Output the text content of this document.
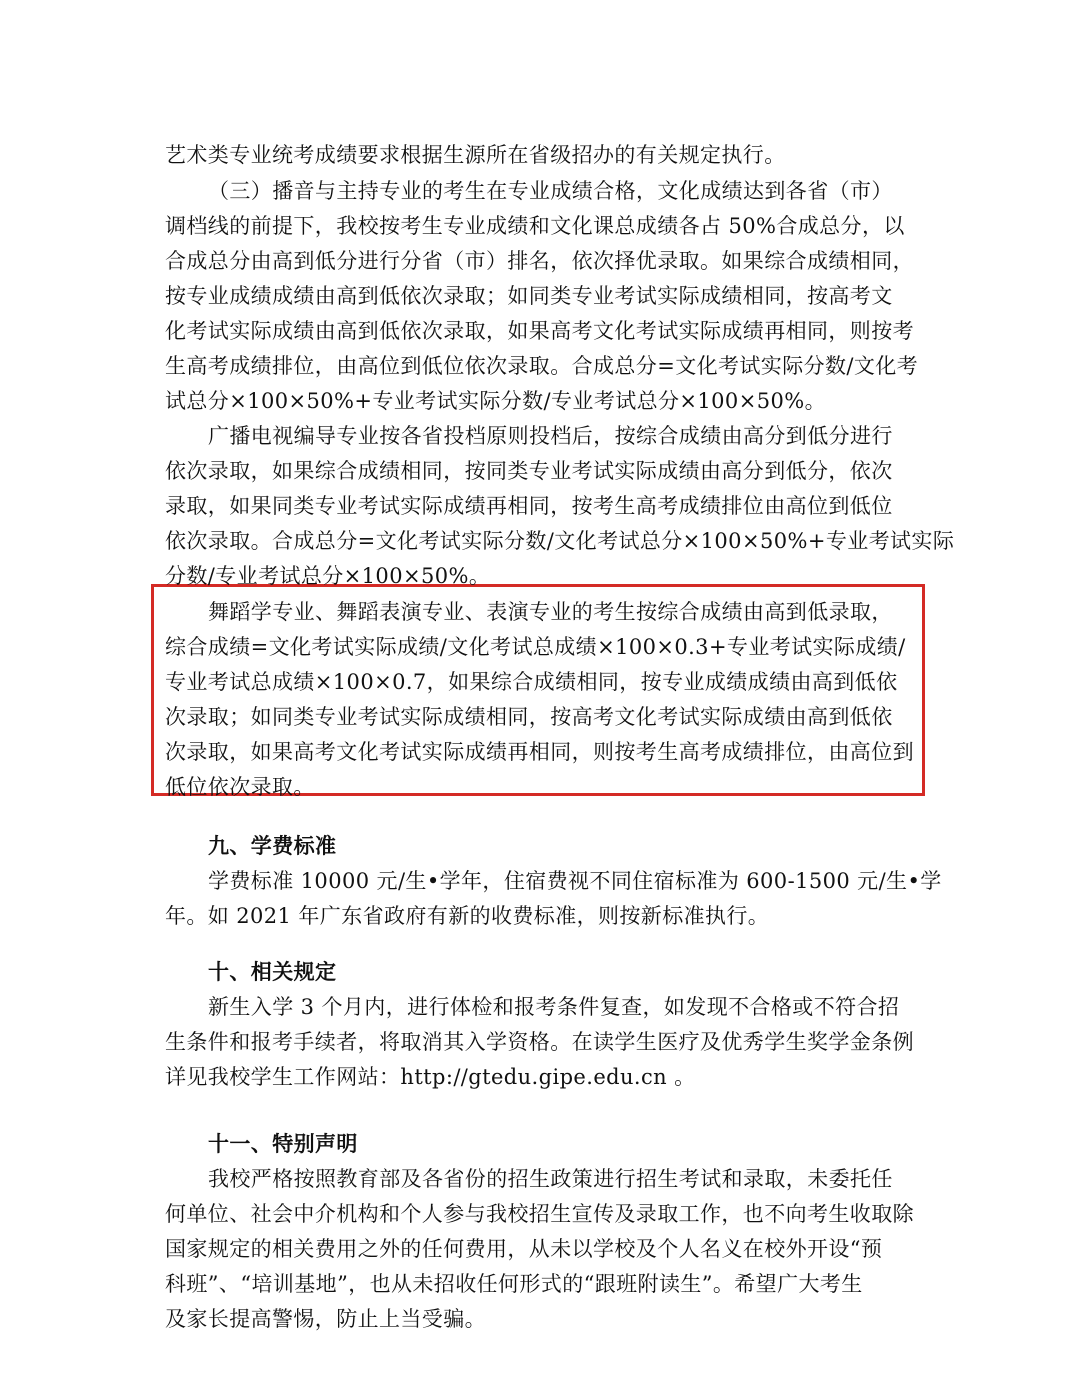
艺术类专业统考成绩要求根据生源所在省级招办的有关规定执行。
（三）播音与主持专业的考生在专业成绩合格，文化成绩达到各省（市）
调档线的前提下，我校按考生专业成绩和文化课总成绩各占 50%合成总分，以
合成总分由高到低分进行分省（市）排名，依次择优录取。如果综合成绩相同，
按专业成绩成绩由高到低依次录取；如同类专业考试实际成绩相同，按高考文
化考试实际成绩由高到低依次录取，如果高考文化考试实际成绩再相同，则按考
生高考成绩排位，由高位到低位依次录取。合成总分=文化考试实际分数/文化考
试总分×100×50%+专业考试实际分数/专业考试总分×100×50%。
广播电视编导专业按各省投档原则投档后，按综合成绩由高分到低分进行
依次录取，如果综合成绩相同，按同类专业考试实际成绩由高分到低分，依次
录取，如果同类专业考试实际成绩再相同，按考生高考成绩排位由高位到低位
依次录取。合成总分=文化考试实际分数/文化考试总分×100×50%+专业考试实际
分数/专业考试总分×100×50%。
舞蹈学专业、舞蹈表演专业、表演专业的考生按综合成绩由高到低录取，
综合成绩=文化考试实际成绩/文化考试总成绩×100×0.3+专业考试实际成绩/
专业考试总成绩×100×0.7，如果综合成绩相同，按专业成绩成绩由高到低依
次录取；如同类专业考试实际成绩相同，按高考文化考试实际成绩由高到低依
次录取，如果高考文化考试实际成绩再相同，则按考生高考成绩排位，由高位到
低位依次录取。
九、学费标准
学费标准 10000 元/生•学年，住宿费视不同住宿标准为 600-1500 元/生•学
年。如 2021 年广东省政府有新的收费标准，则按新标准执行。
十、相关规定
新生入学 3 个月内，进行体检和报考条件复查，如发现不合格或不符合招
生条件和报考手续者，将取消其入学资格。在读学生医疗及优秀学生奖学金条例
详见我校学生工作网站：http://gtedu.gipe.edu.cn 。
十一、特别声明
我校严格按照教育部及各省份的招生政策进行招生考试和录取，未委托任
何单位、社会中介机构和个人参与我校招生宣传及录取工作，也不向考生收取除
国家规定的相关费用之外的任何费用，从未以学校及个人名义在校外开设“预
科班”、“培训基地”，也从未招收任何形式的“跟班附读生”。希望广大考生
及家长提高警惕，防止上当受骗。
